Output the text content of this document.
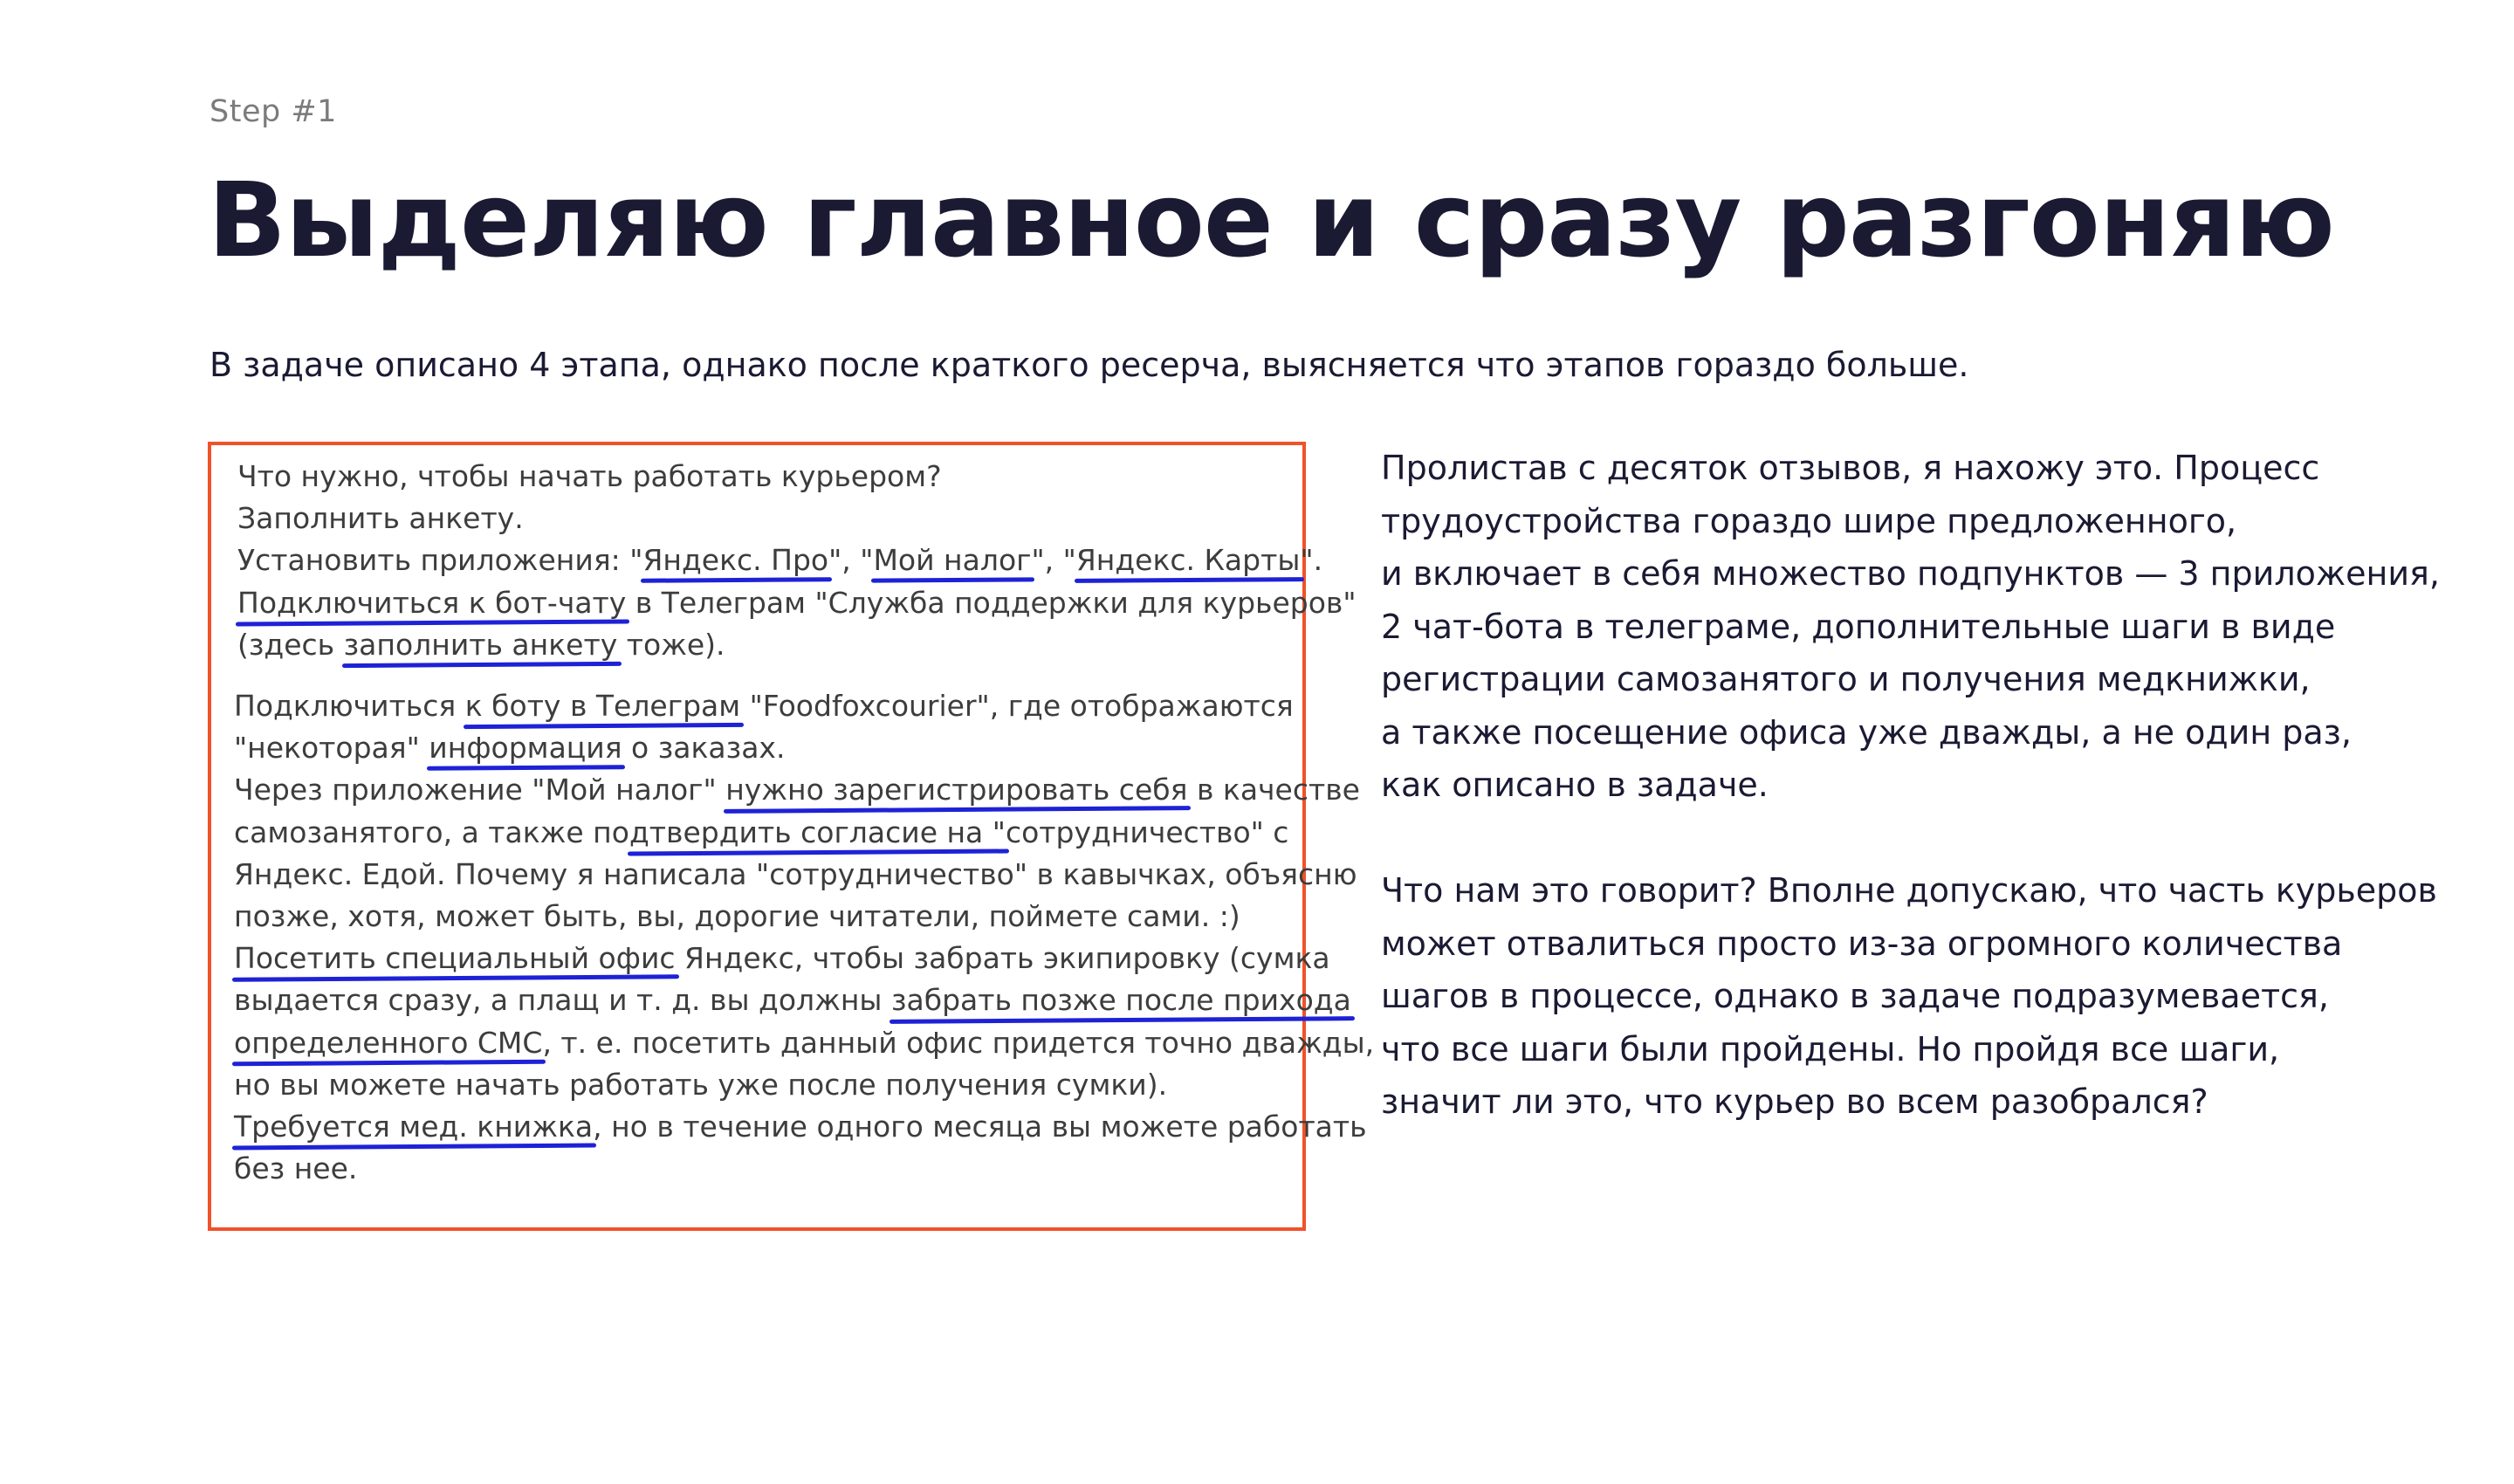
Step #1
Выделяю главное и сразу разгоняю
В задаче описано 4 этапа, однако после краткого ресерча, выясняется что этапов гораздо больше.
Что нужно, чтобы начать работать курьером?
Заполнить анкету.
Установить приложения: "Яндекс. Про", "Мой налог", "Яндекс. Карты".
Подключиться к бот-чату в Телеграм "Служба поддержки для курьеров"
(здесь заполнить анкету тоже).
Подключиться к боту в Телеграм "Foodfoxcourier", где отображаются
"некоторая" информация о заказах.
Через приложение "Мой налог" нужно зарегистрировать себя в качестве
самозанятого, а также подтвердить согласие на "сотрудничество" с
Яндекс. Едой. Почему я написала "сотрудничество" в кавычках, объясню
позже, хотя, может быть, вы, дорогие читатели, поймете сами. :)
Посетить специальный офис Яндекс, чтобы забрать экипировку (сумка
выдается сразу, а плащ и т. д. вы должны забрать позже после прихода
определенного СМС, т. е. посетить данный офис придется точно дважды,
но вы можете начать работать уже после получения сумки).
Требуется мед. книжка, но в течение одного месяца вы можете работать
без нее.
Пролистав с десяток отзывов, я нахожу это. Процесс
трудоустройства гораздо шире предложенного,
и включает в себя множество подпунктов — 3 приложения,
2 чат-бота в телеграме, дополнительные шаги в виде
регистрации самозанятого и получения медкнижки,
а также посещение офиса уже дважды, а не один раз,
как описано в задаче.
Что нам это говорит? Вполне допускаю, что часть курьеров
может отвалиться просто из-за огромного количества
шагов в процессе, однако в задаче подразумевается,
что все шаги были пройдены. Но пройдя все шаги,
значит ли это, что курьер во всем разобрался?
